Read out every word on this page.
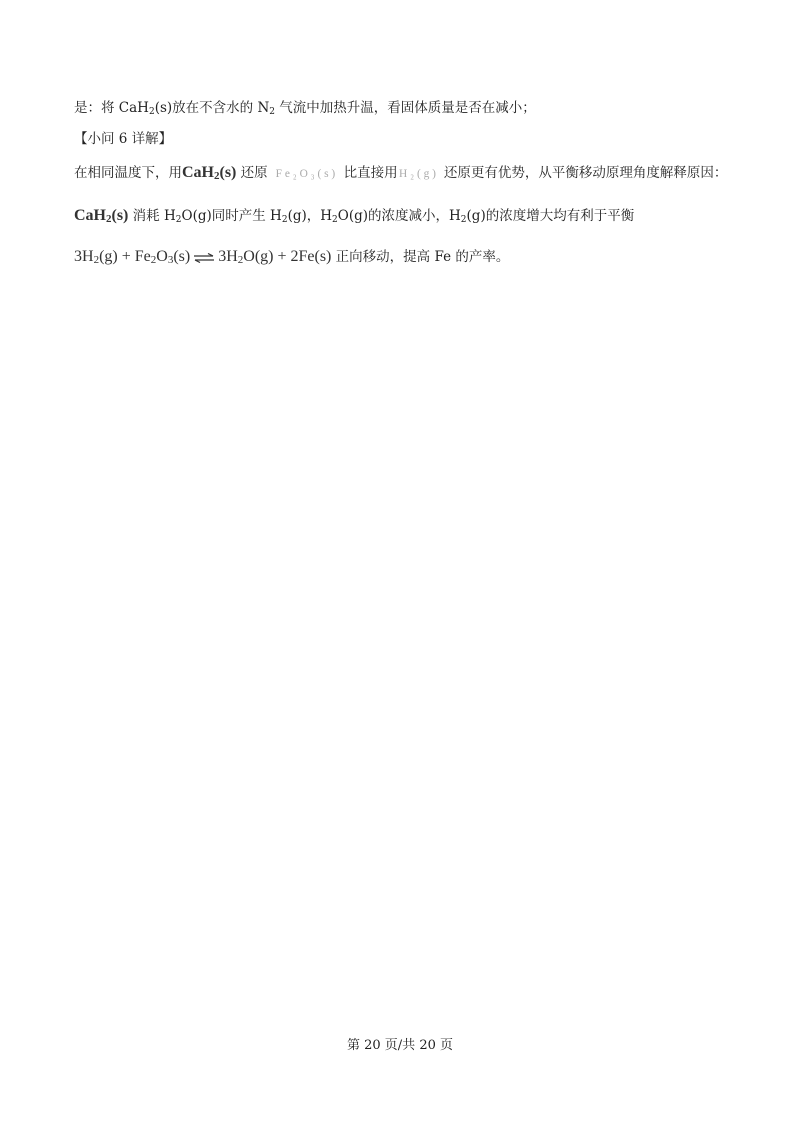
是：将 CaH$_2$(s)放在不含水的 $N_2$ 气流中加热升温，看固体质量是否在减小；
【小问 6 详解】
在相同温度下，用CaH$_2$(s) 还原 Fe₂O₃(s) 比直接用H₂(g) 还原更有优势，从平衡移动原理角度解释原因：
CaH$_2$(s) 消耗 $H_2O(g)$同时产生 $H_2(g)$，$H_2O(g)$的浓度减小，$H_2(g)$的浓度增大均有利于平衡
$3H_2(g) + Fe_2O_3(s)$ ⇌ $3H_2O(g) + 2Fe(s)$ 正向移动，提高 Fe 的产率。
第 20 页/共 20 页
